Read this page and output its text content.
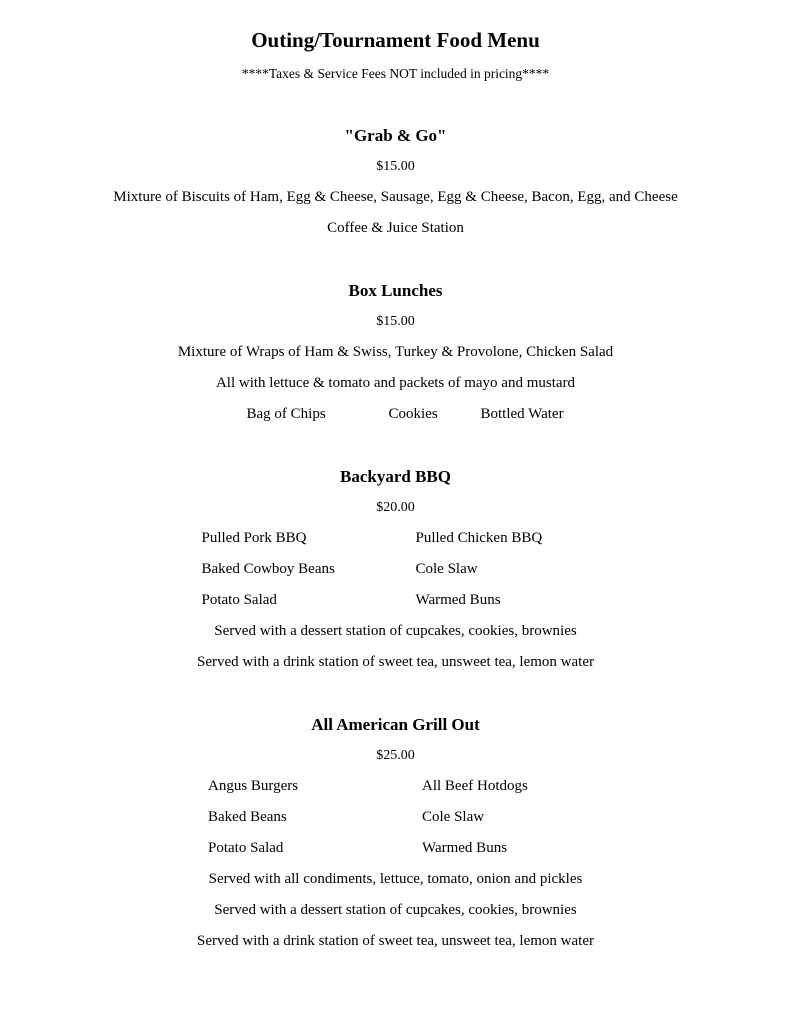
Outing/Tournament Food Menu

****Taxes & Service Fees NOT included in pricing****

"Grab & Go"

$15.00

Mixture of Biscuits of Ham, Egg & Cheese, Sausage, Egg & Cheese, Bacon, Egg, and Cheese

Coffee & Juice Station

Box Lunches

$15.00

Mixture of Wraps of Ham & Swiss, Turkey & Provolone, Chicken Salad

All with lettuce & tomato and packets of mayo and mustard

Bag of Chips	Cookies	Bottled Water
Backyard BBQ

$20.00

Pulled Pork BBQ	Pulled Chicken BBQ
Baked Cowboy Beans	Cole Slaw
Potato Salad	Warmed Buns

Served with a dessert station of cupcakes, cookies, brownies

Served with a drink station of sweet tea, unsweet tea, lemon water

All American Grill Out

$25.00

Angus Burgers	All Beef Hotdogs
Baked Beans	Cole Slaw
Potato Salad	Warmed Buns

Served with all condiments, lettuce, tomato, onion and pickles

Served with a dessert station of cupcakes, cookies, brownies

Served with a drink station of sweet tea, unsweet tea, lemon water
